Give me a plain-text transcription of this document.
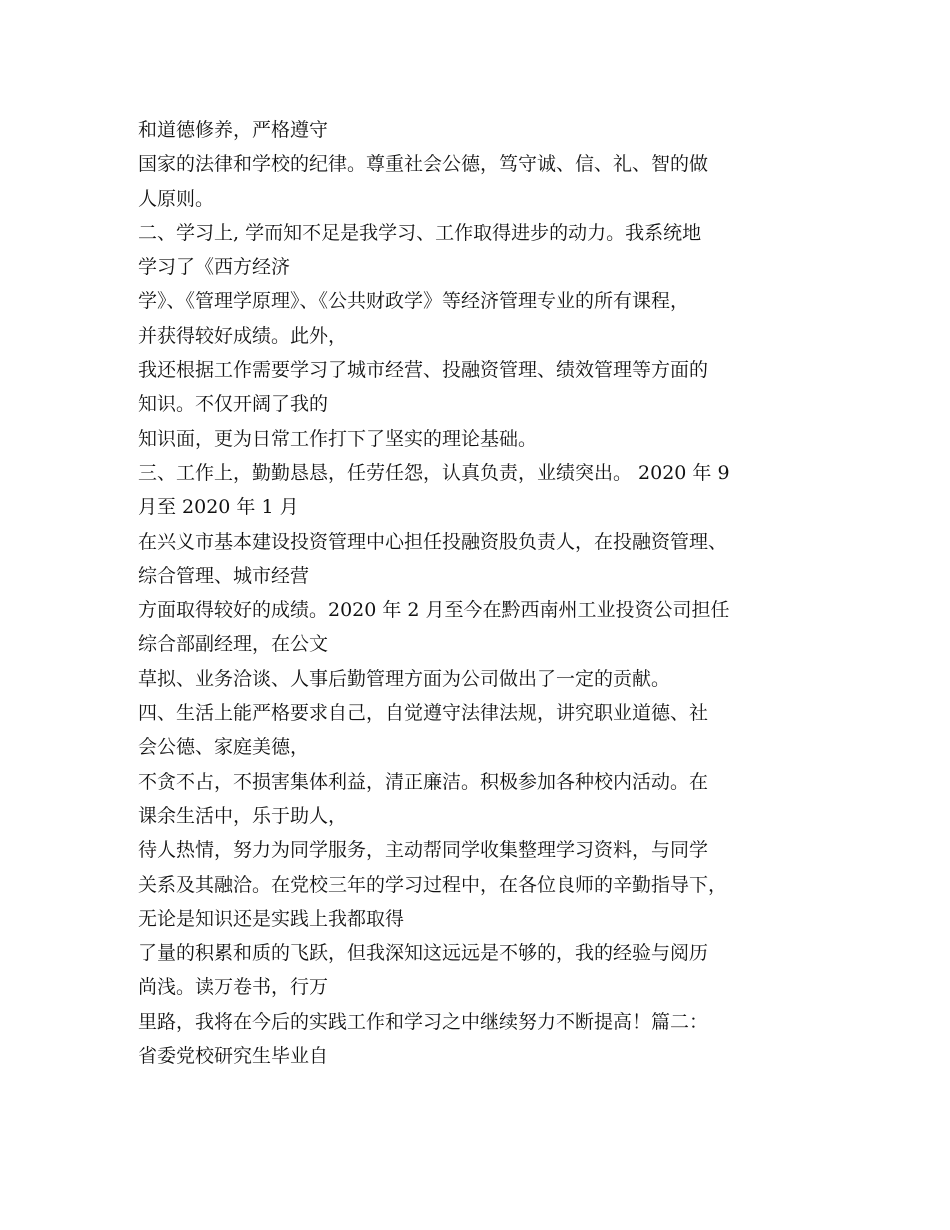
和道德修养，严格遵守
国家的法律和学校的纪律。尊重社会公德，笃守诚、信、礼、智的做
人原则。
二、学习上, 学而知不足是我学习、工作取得进步的动力。我系统地
学习了《西方经济
学》、《管理学原理》、《公共财政学》等经济管理专业的所有课程，
并获得较好成绩。此外，
我还根据工作需要学习了城市经营、投融资管理、绩效管理等方面的
知识。不仅开阔了我的
知识面，更为日常工作打下了坚实的理论基础。
三、工作上，勤勤恳恳，任劳任怨，认真负责，业绩突出。 2020 年 9
月至 2020 年 1 月
在兴义市基本建设投资管理中心担任投融资股负责人，在投融资管理、
综合管理、城市经营
方面取得较好的成绩。2020 年 2 月至今在黔西南州工业投资公司担任
综合部副经理，在公文
草拟、业务洽谈、人事后勤管理方面为公司做出了一定的贡献。
四、生活上能严格要求自己，自觉遵守法律法规，讲究职业道德、社
会公德、家庭美德，
不贪不占，不损害集体利益，清正廉洁。积极参加各种校内活动。在
课余生活中，乐于助人，
待人热情，努力为同学服务，主动帮同学收集整理学习资料，与同学
关系及其融洽。在党校三年的学习过程中，在各位良师的辛勤指导下，
无论是知识还是实践上我都取得
了量的积累和质的飞跃，但我深知这远远是不够的，我的经验与阅历
尚浅。读万卷书，行万
里路，我将在今后的实践工作和学习之中继续努力不断提高！篇二：
省委党校研究生毕业自
